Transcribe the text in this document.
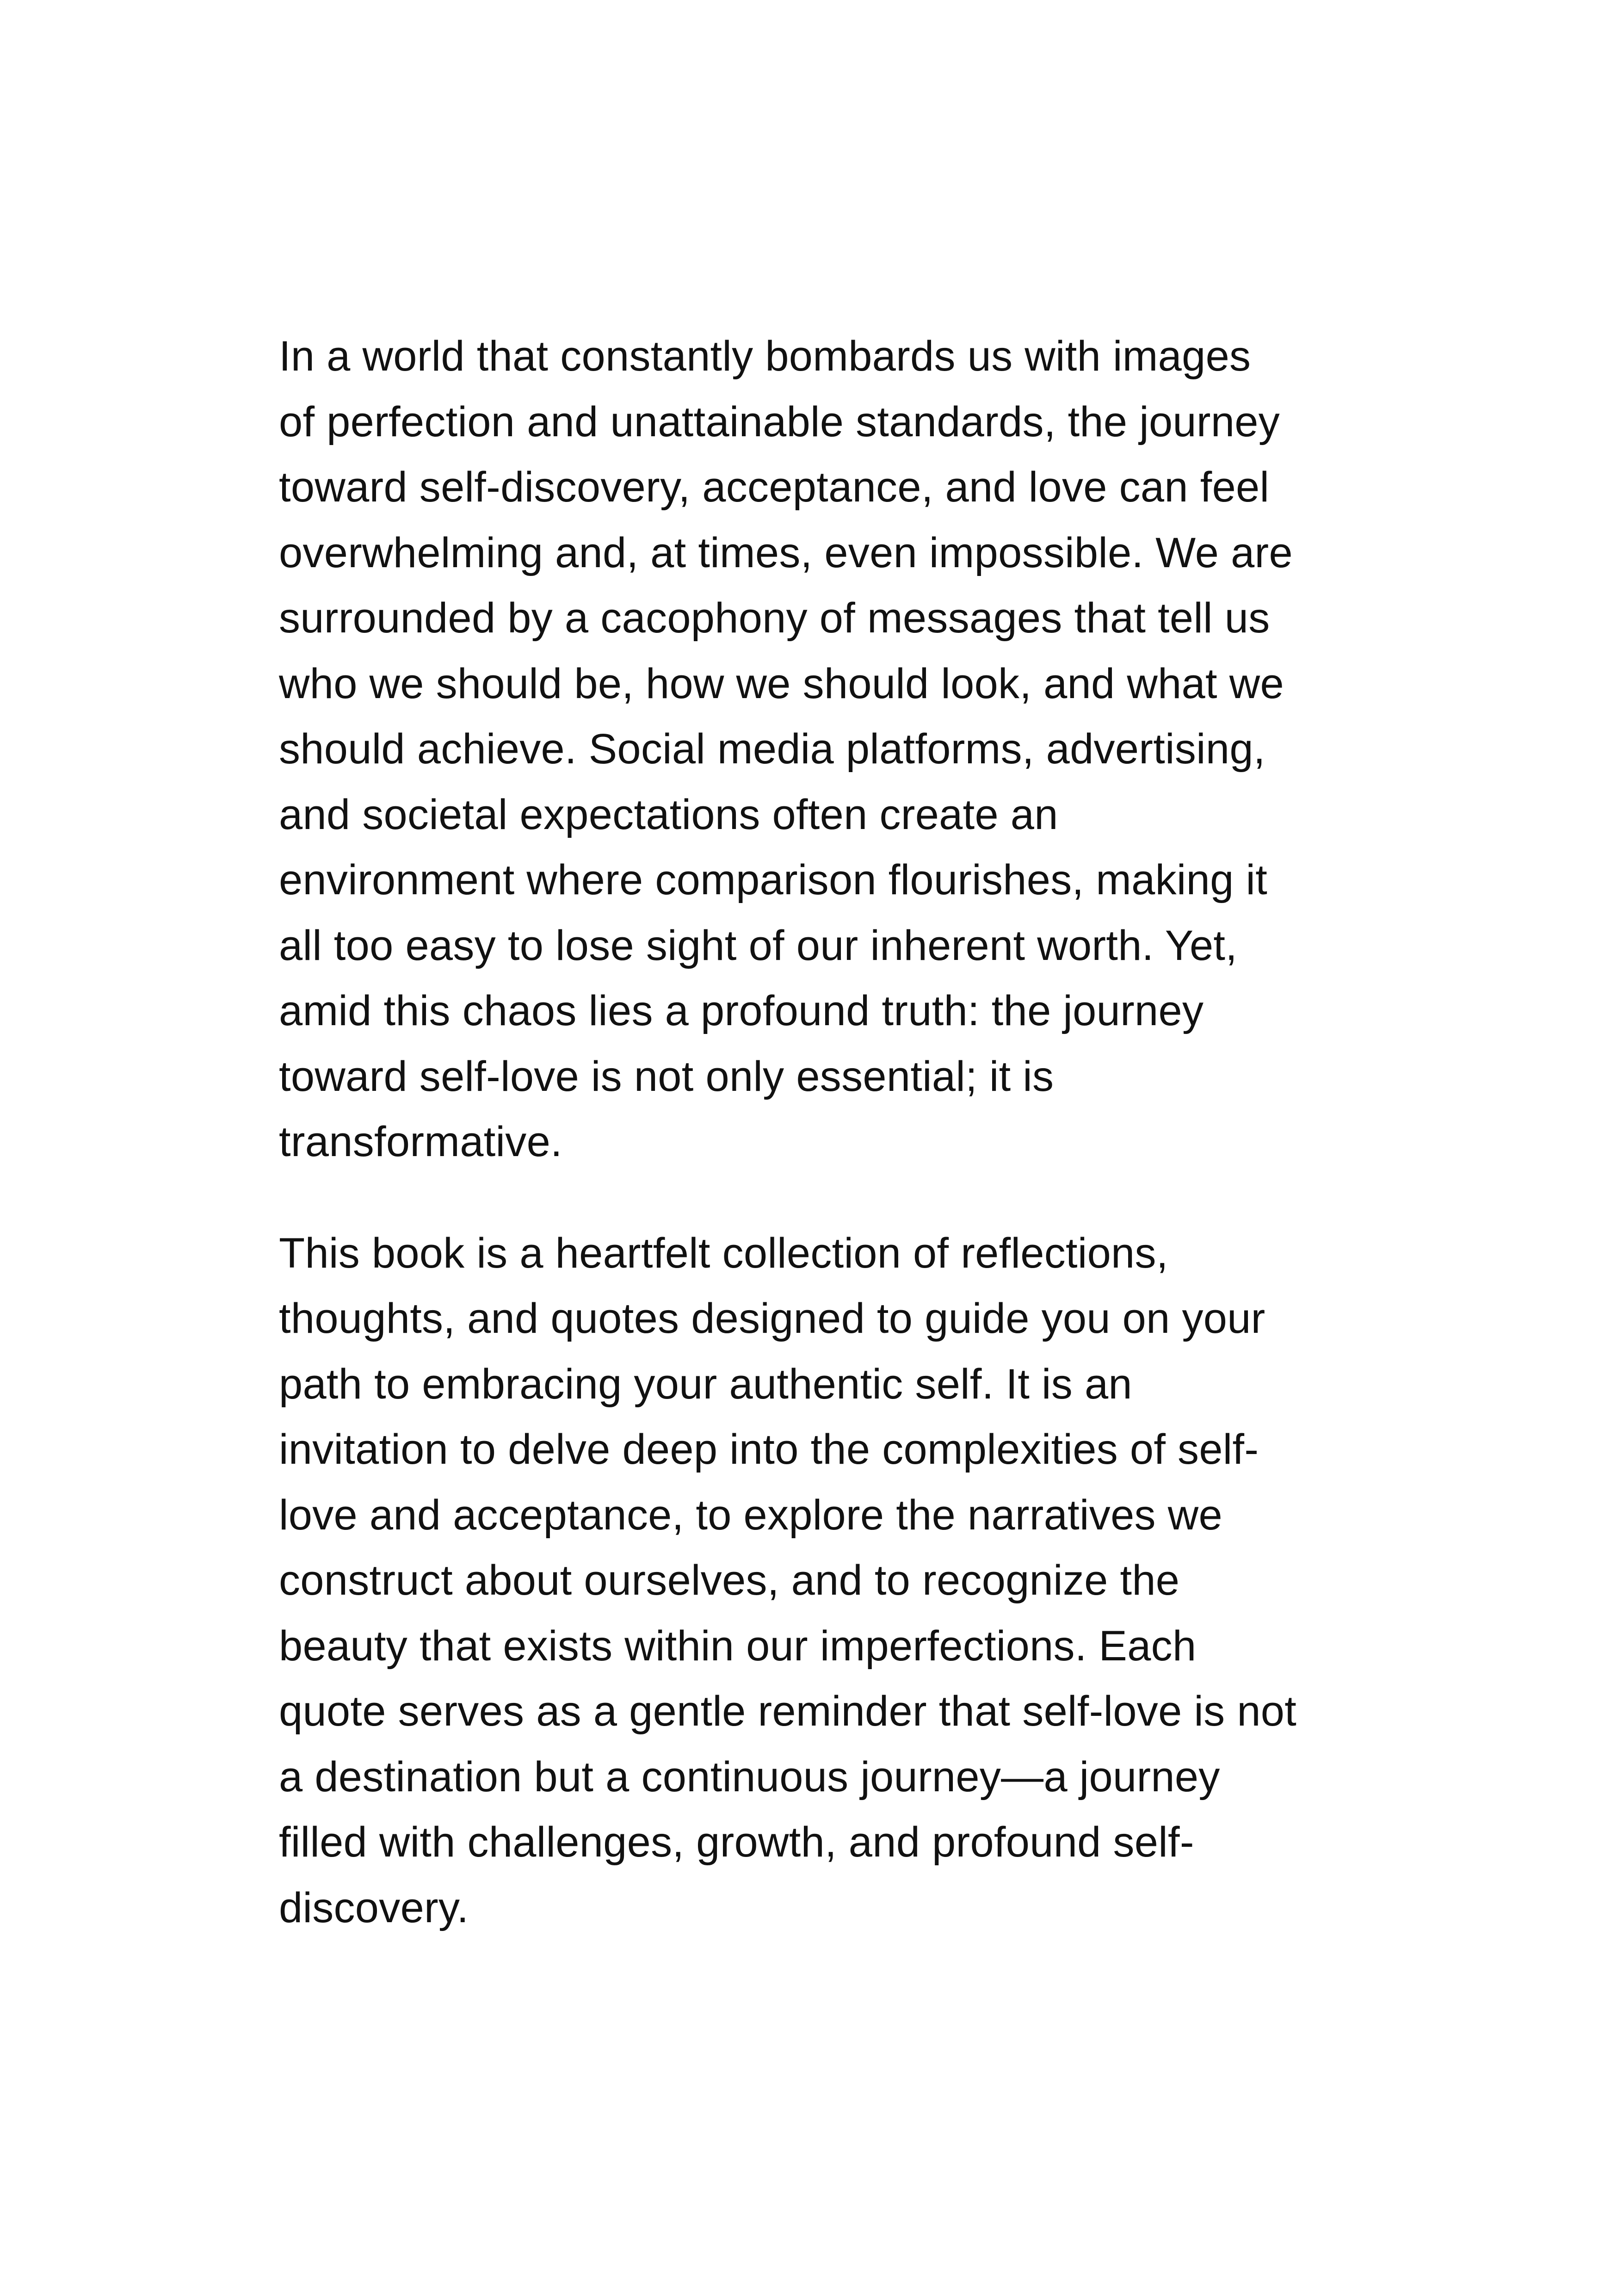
In a world that constantly bombards us with images
of perfection and unattainable standards, the journey
toward self-discovery, acceptance, and love can feel
overwhelming and, at times, even impossible. We are
surrounded by a cacophony of messages that tell us
who we should be, how we should look, and what we
should achieve. Social media platforms, advertising,
and societal expectations often create an
environment where comparison flourishes, making it
all too easy to lose sight of our inherent worth. Yet,
amid this chaos lies a profound truth: the journey
toward self-love is not only essential; it is
transformative.

This book is a heartfelt collection of reflections,
thoughts, and quotes designed to guide you on your
path to embracing your authentic self. It is an
invitation to delve deep into the complexities of self-
love and acceptance, to explore the narratives we
construct about ourselves, and to recognize the
beauty that exists within our imperfections. Each
quote serves as a gentle reminder that self-love is not
a destination but a continuous journey—a journey
filled with challenges, growth, and profound self-
discovery.
